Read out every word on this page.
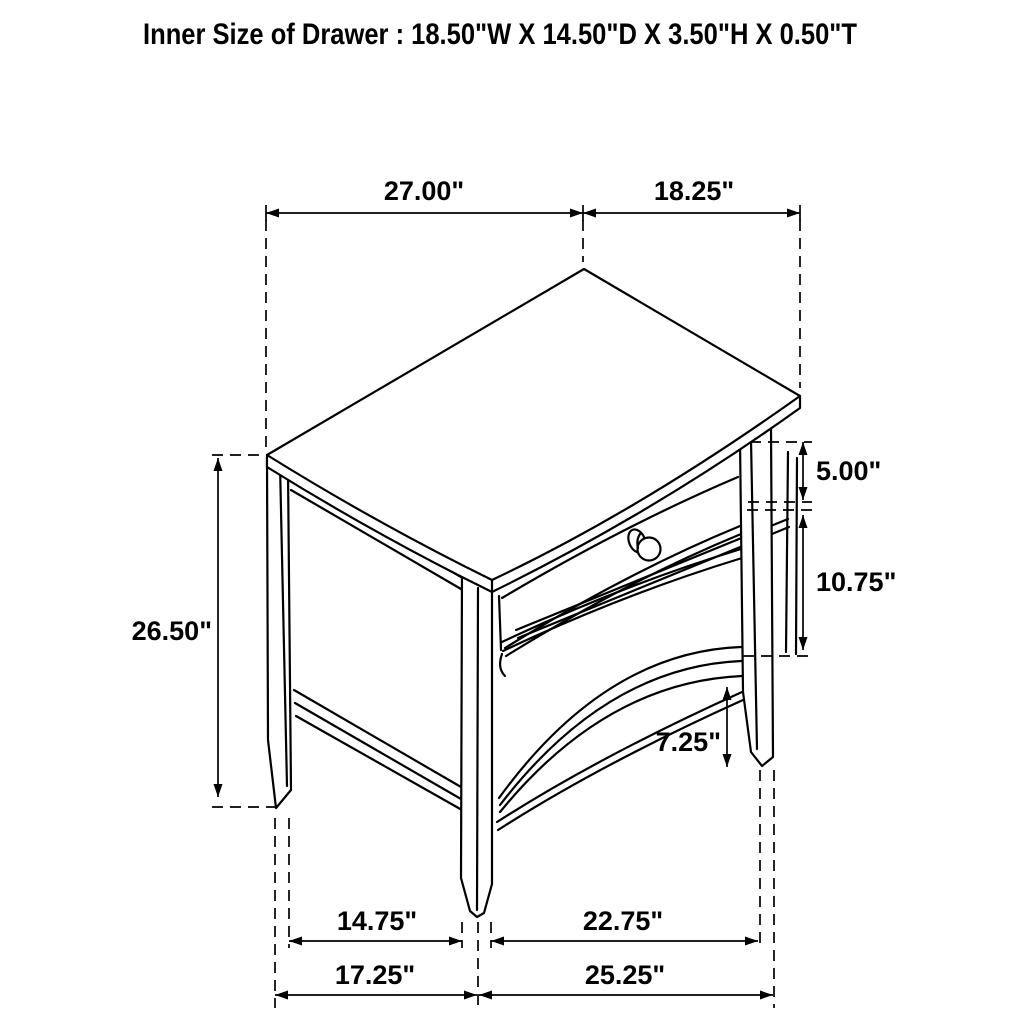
27.00"	18.25"
5.00"
10.75"
26.50"
7.25"
14.75"	22.75"
17.25"	25.25"
Inner Size of Drawer : 18.50"W X 14.50"D X 3.50"H X 0.50"T
